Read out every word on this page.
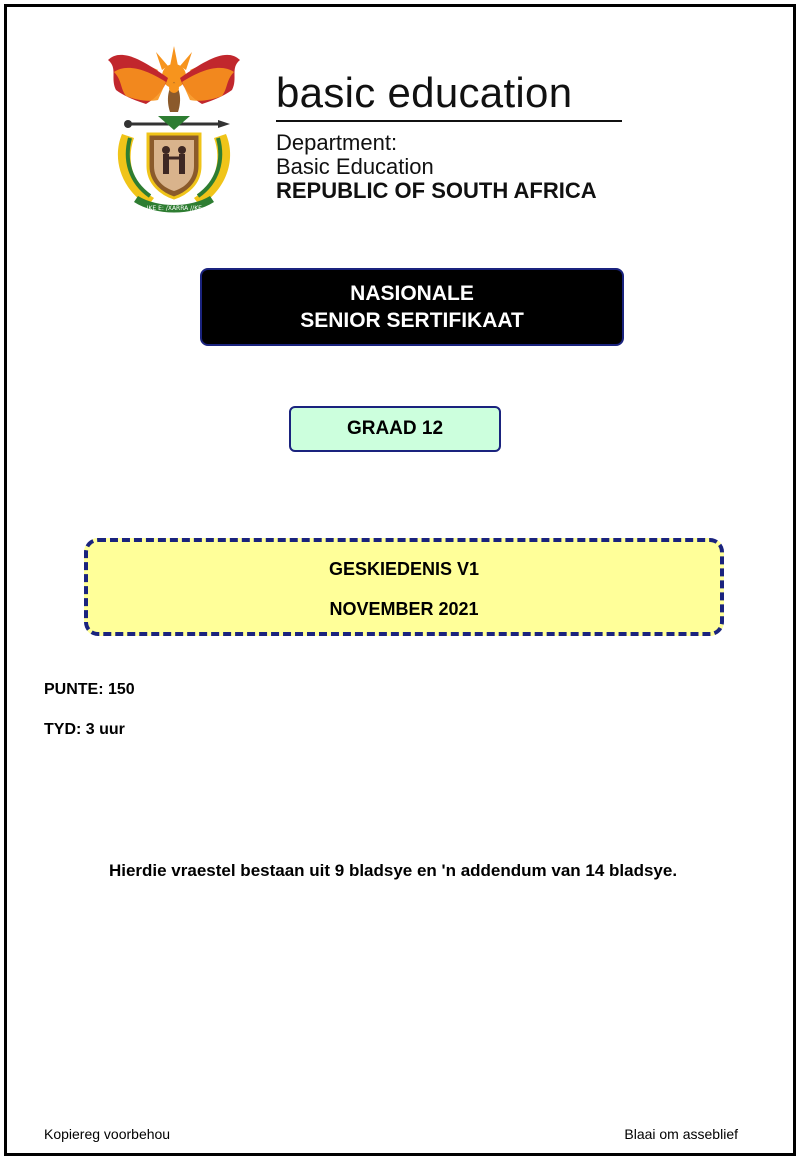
!KE E: /XARRA //KE
basic education
Department:
Basic Education
REPUBLIC OF SOUTH AFRICA
NASIONALE
SENIOR SERTIFIKAAT
GRAAD 12
GESKIEDENIS V1
NOVEMBER 2021
PUNTE: 150
TYD: 3 uur
Hierdie vraestel bestaan uit 9 bladsye en 'n addendum van 14 bladsye.
Kopiereg voorbehou	Blaai om asseblief
